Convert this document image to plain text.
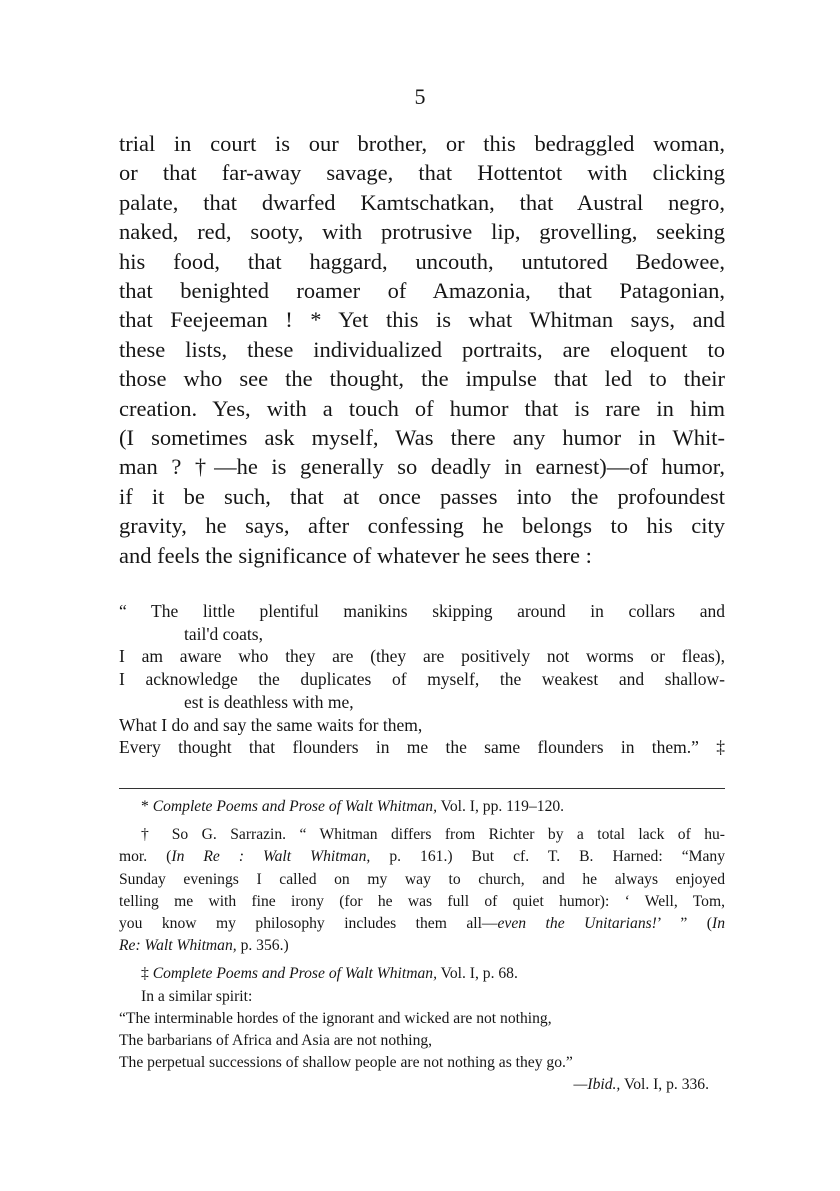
5
trial in court is our brother, or this bedraggled woman,
or that far-away savage, that Hottentot with clicking
palate, that dwarfed Kamtschatkan, that Austral negro,
naked, red, sooty, with protrusive lip, grovelling, seeking
his food, that haggard, uncouth, untutored Bedowee,
that benighted roamer of Amazonia, that Patagonian,
that Feejeeman ! * Yet this is what Whitman says, and
these lists, these individualized portraits, are eloquent to
those who see the thought, the impulse that led to their
creation. Yes, with a touch of humor that is rare in him
(I sometimes ask myself, Was there any humor in Whit-
man ? †—he is generally so deadly in earnest)—of humor,
if it be such, that at once passes into the profoundest
gravity, he says, after confessing he belongs to his city
and feels the significance of whatever he sees there :
“ The little plentiful manikins skipping around in collars and
tail'd coats,
I am aware who they are (they are positively not worms or fleas),
I acknowledge the duplicates of myself, the weakest and shallow-
est is deathless with me,
What I do and say the same waits for them,
Every thought that flounders in me the same flounders in them.” ‡
* Complete Poems and Prose of Walt Whitman, Vol. I, pp. 119–120.
† So G. Sarrazin. “ Whitman differs from Richter by a total lack of hu-
mor. (In Re : Walt Whitman, p. 161.) But cf. T. B. Harned: “Many
Sunday evenings I called on my way to church, and he always enjoyed
telling me with fine irony (for he was full of quiet humor): ‘ Well, Tom,
you know my philosophy includes them all—even the Unitarians!’ ” (In
Re: Walt Whitman, p. 356.)
‡ Complete Poems and Prose of Walt Whitman, Vol. I, p. 68.
In a similar spirit:
“The interminable hordes of the ignorant and wicked are not nothing,
The barbarians of Africa and Asia are not nothing,
The perpetual successions of shallow people are not nothing as they go.”
—Ibid., Vol. I, p. 336.
